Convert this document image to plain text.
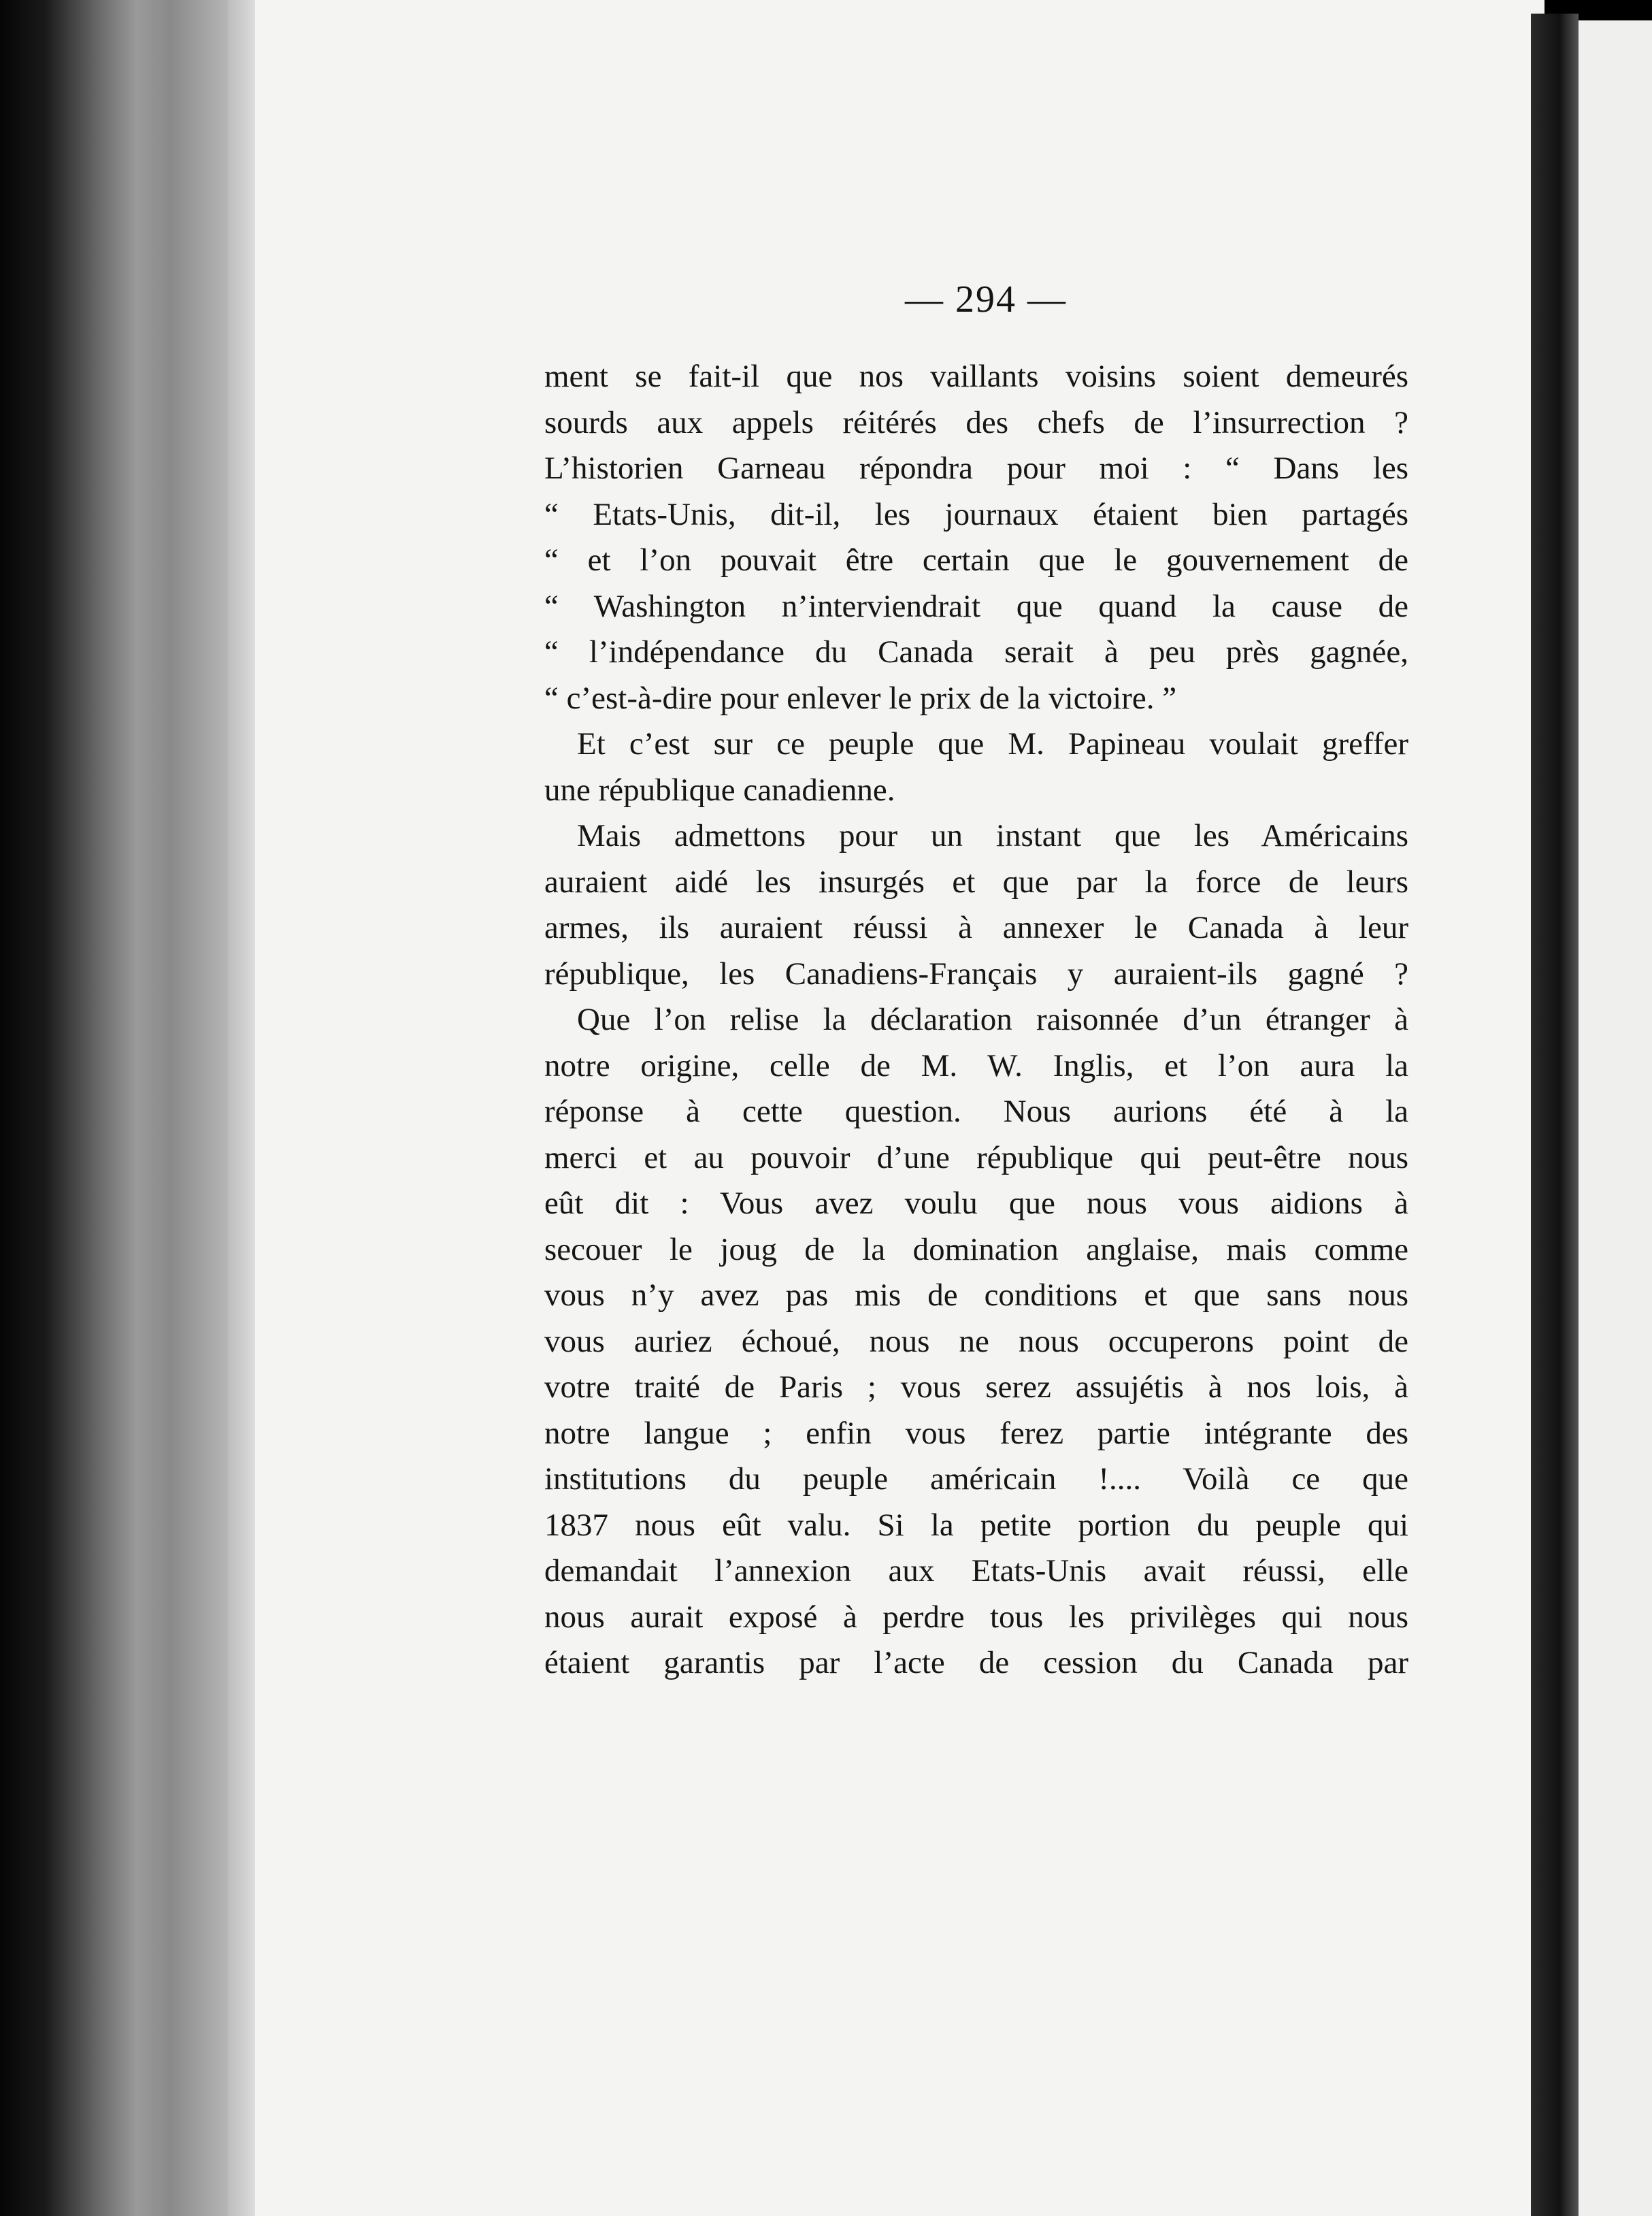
— 294 —
ment se fait-il que nos vaillants voisins soient demeurés
sourds aux appels réitérés des chefs de l’insurrection ?
L’historien Garneau répondra pour moi : “ Dans les
“ Etats-Unis, dit-il, les journaux étaient bien partagés
“ et l’on pouvait être certain que le gouvernement de
“ Washington n’interviendrait que quand la cause de
“ l’indépendance du Canada serait à peu près gagnée,
“ c’est-à-dire pour enlever le prix de la victoire. ”
Et c’est sur ce peuple que M. Papineau voulait greffer
une république canadienne.
Mais admettons pour un instant que les Américains
auraient aidé les insurgés et que par la force de leurs
armes, ils auraient réussi à annexer le Canada à leur
république, les Canadiens-Français y auraient-ils gagné ?
Que l’on relise la déclaration raisonnée d’un étranger à
notre origine, celle de M. W. Inglis, et l’on aura la
réponse à cette question. Nous aurions été à la
merci et au pouvoir d’une république qui peut-être nous
eût dit : Vous avez voulu que nous vous aidions à
secouer le joug de la domination anglaise, mais comme
vous n’y avez pas mis de conditions et que sans nous
vous auriez échoué, nous ne nous occuperons point de
votre traité de Paris ; vous serez assujétis à nos lois, à
notre langue ; enfin vous ferez partie intégrante des
institutions du peuple américain !.... Voilà ce que
1837 nous eût valu. Si la petite portion du peuple qui
demandait l’annexion aux Etats-Unis avait réussi, elle
nous aurait exposé à perdre tous les privilèges qui nous
étaient garantis par l’acte de cession du Canada par
